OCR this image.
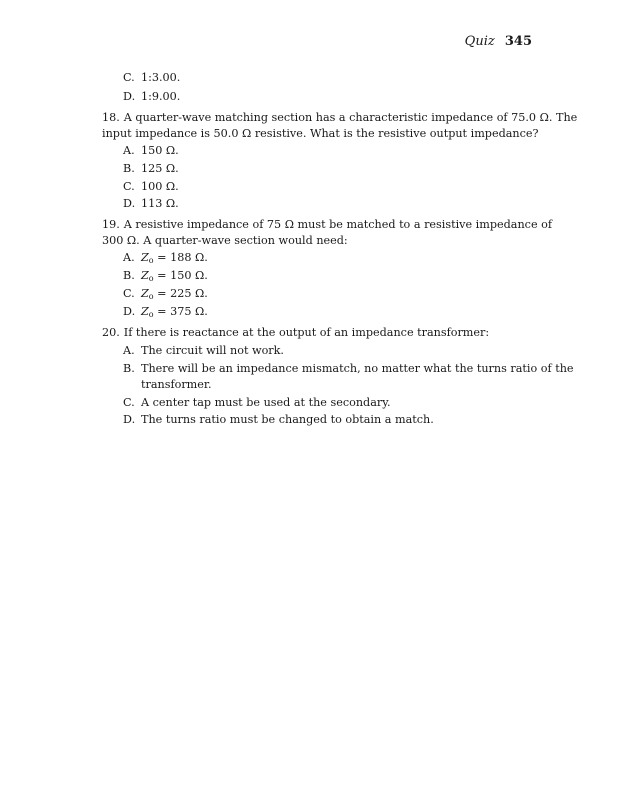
Quiz 345
C. 1:3.00.
D. 1:9.00.
18. A quarter-wave matching section has a characteristic impedance of 75.0 Ω. The
input impedance is 50.0 Ω resistive. What is the resistive output impedance?
A. 150 Ω.
B. 125 Ω.
C. 100 Ω.
D. 113 Ω.
19. A resistive impedance of 75 Ω must be matched to a resistive impedance of
300 Ω. A quarter-wave section would need:
A. $Z_o = 188$ Ω.
B. $Z_o = 150$ Ω.
C. $Z_o = 225$ Ω.
D. $Z_o = 375$ Ω.
20. If there is reactance at the output of an impedance transformer:
A. The circuit will not work.
B. There will be an impedance mismatch, no matter what the turns ratio of the
transformer.
C. A center tap must be used at the secondary.
D. The turns ratio must be changed to obtain a match.
